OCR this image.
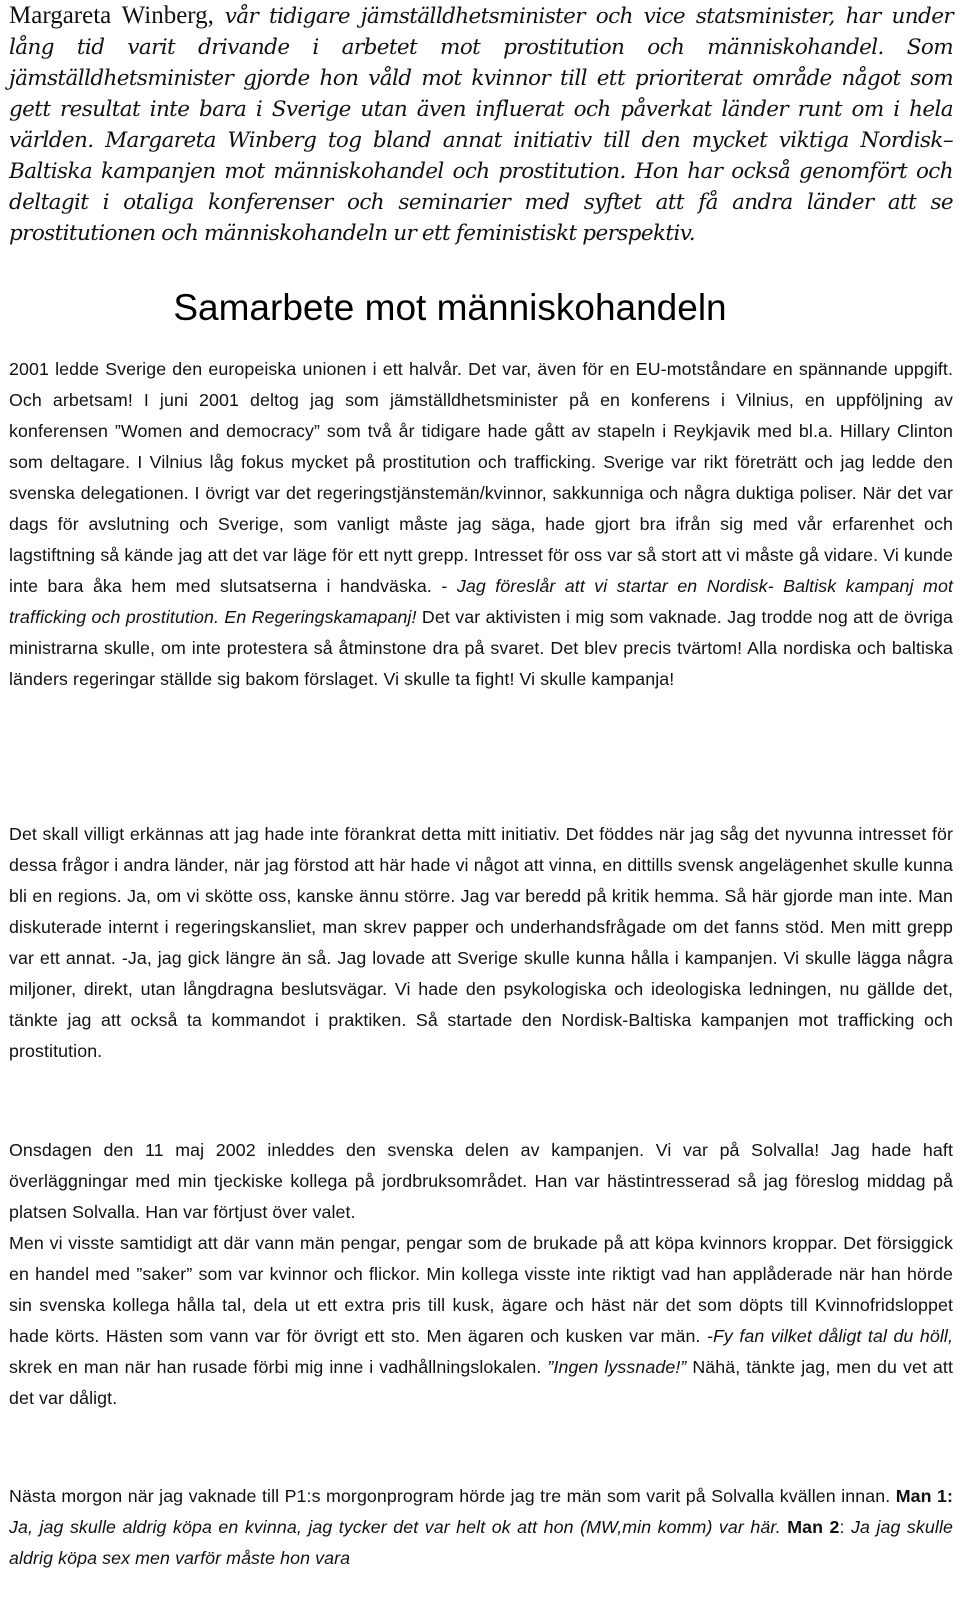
Margareta Winberg, vår tidigare jämställdhetsminister och vice statsminister, har under lång tid varit drivande i arbetet mot prostitution och människohandel. Som jämställdhetsminister gjorde hon våld mot kvinnor till ett prioriterat område något som gett resultat inte bara i Sverige utan även influerat och påverkat länder runt om i hela världen. Margareta Winberg tog bland annat initiativ till den mycket viktiga Nordisk–Baltiska kampanjen mot människohandel och prostitution. Hon har också genomfört och deltagit i otaliga konferenser och seminarier med syftet att få andra länder att se prostitutionen och människohandeln ur ett feministiskt perspektiv.

Samarbete mot människohandeln

2001 ledde Sverige den europeiska unionen i ett halvår. Det var, även för en EU-motståndare en spännande uppgift. Och arbetsam! I juni 2001 deltog jag som jämställdhetsminister på en konferens i Vilnius, en uppföljning av konferensen ”Women and democracy” som två år tidigare hade gått av stapeln i Reykjavik med bl.a. Hillary Clinton som deltagare. I Vilnius låg fokus mycket på prostitution och trafficking. Sverige var rikt företrätt och jag ledde den svenska delegationen. I övrigt var det regeringstjänstemän/kvinnor, sakkunniga och några duktiga poliser. När det var dags för avslutning och Sverige, som vanligt måste jag säga, hade gjort bra ifrån sig med vår erfarenhet och lagstiftning så kände jag att det var läge för ett nytt grepp. Intresset för oss var så stort att vi måste gå vidare. Vi kunde inte bara åka hem med slutsatserna i handväska. - Jag föreslår att vi startar en Nordisk- Baltisk kampanj mot trafficking och prostitution. En Regeringskamapanj! Det var aktivisten i mig som vaknade. Jag trodde nog att de övriga ministrarna skulle, om inte protestera så åtminstone dra på svaret. Det blev precis tvärtom! Alla nordiska och baltiska länders regeringar ställde sig bakom förslaget. Vi skulle ta fight! Vi skulle kampanja!

Det skall villigt erkännas att jag hade inte förankrat detta mitt initiativ. Det föddes när jag såg det nyvunna intresset för dessa frågor i andra länder, när jag förstod att här hade vi något att vinna, en dittills svensk angelägenhet skulle kunna bli en regions. Ja, om vi skötte oss, kanske ännu större. Jag var beredd på kritik hemma. Så här gjorde man inte. Man diskuterade internt i regeringskansliet, man skrev papper och underhandsfrågade om det fanns stöd. Men mitt grepp var ett annat. -Ja, jag gick längre än så. Jag lovade att Sverige skulle kunna hålla i kampanjen. Vi skulle lägga några miljoner, direkt, utan långdragna beslutsvägar. Vi hade den psykologiska och ideologiska ledningen, nu gällde det, tänkte jag att också ta kommandot i praktiken. Så startade den Nordisk-Baltiska kampanjen mot trafficking och prostitution.

Onsdagen den 11 maj 2002 inleddes den svenska delen av kampanjen. Vi var på Solvalla! Jag hade haft överläggningar med min tjeckiske kollega på jordbruksområdet. Han var hästintresserad så jag föreslog middag på platsen Solvalla. Han var förtjust över valet.
Men vi visste samtidigt att där vann män pengar, pengar som de brukade på att köpa kvinnors kroppar. Det försiggick en handel med ”saker” som var kvinnor och flickor. Min kollega visste inte riktigt vad han applåderade när han hörde sin svenska kollega hålla tal, dela ut ett extra pris till kusk, ägare och häst när det som döpts till Kvinnofridsloppet hade körts. Hästen som vann var för övrigt ett sto. Men ägaren och kusken var män. -Fy fan vilket dåligt tal du höll, skrek en man när han rusade förbi mig inne i vadhållningslokalen. ”Ingen lyssnade!” Nähä, tänkte jag, men du vet att det var dåligt.

Nästa morgon när jag vaknade till P1:s morgonprogram hörde jag tre män som varit på Solvalla kvällen innan. Man 1: Ja, jag skulle aldrig köpa en kvinna, jag tycker det var helt ok att hon (MW,min komm) var här. Man 2: Ja jag skulle aldrig köpa sex men varför måste hon vara
